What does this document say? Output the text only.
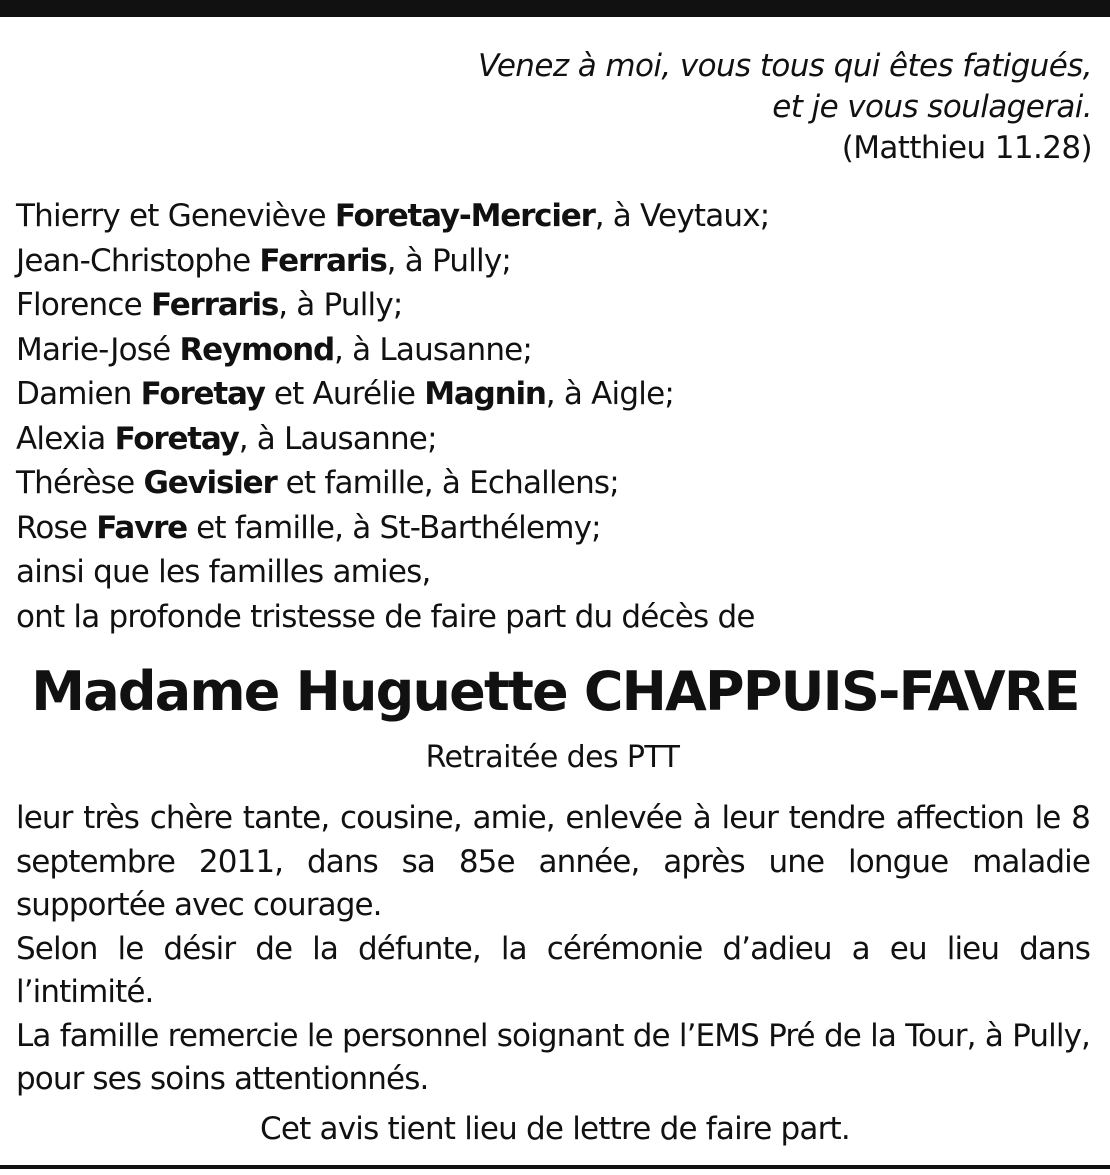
Venez à moi, vous tous qui êtes fatigués,
et je vous soulagerai.
(Matthieu 11.28)
Thierry et Geneviève Foretay-Mercier, à Veytaux;
Jean-Christophe Ferraris, à Pully;
Florence Ferraris, à Pully;
Marie-José Reymond, à Lausanne;
Damien Foretay et Aurélie Magnin, à Aigle;
Alexia Foretay, à Lausanne;
Thérèse Gevisier et famille, à Echallens;
Rose Favre et famille, à St-Barthélemy;
ainsi que les familles amies,
ont la profonde tristesse de faire part du décès de
Madame Huguette CHAPPUIS-FAVRE
Retraitée des PTT

leur très chère tante, cousine, amie, enlevée à leur tendre affection le 8 septembre 2011, dans sa 85e année, après une longue maladie supportée avec courage.

Selon le désir de la défunte, la cérémonie d’adieu a eu lieu dans l’intimité.

La famille remercie le personnel soignant de l’EMS Pré de la Tour, à Pully, pour ses soins attentionnés.

Cet avis tient lieu de lettre de faire part.
